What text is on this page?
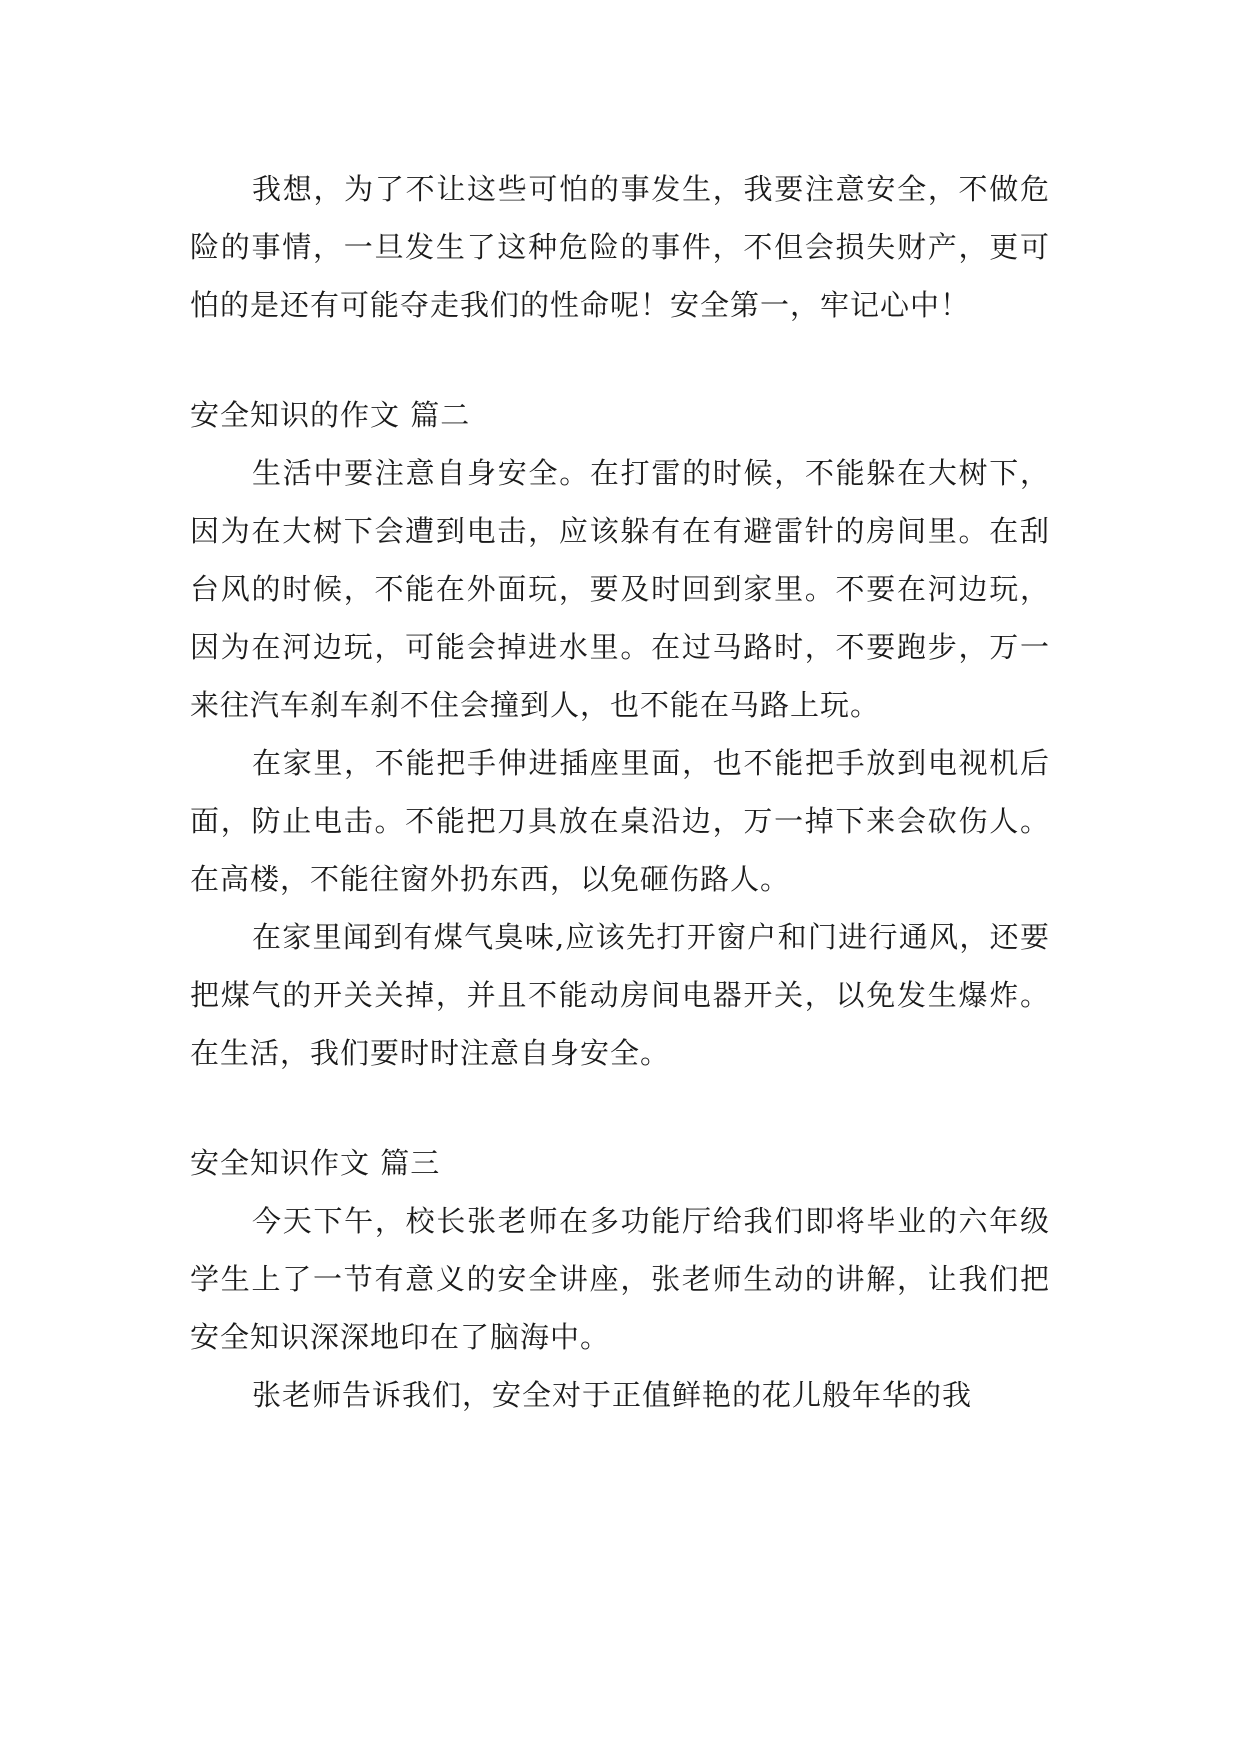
我想，为了不让这些可怕的事发生，我要注意安全，不做危险的事情，一旦发生了这种危险的事件，不但会损失财产，更可怕的是还有可能夺走我们的性命呢！安全第一，牢记心中！

安全知识的作文 篇二

生活中要注意自身安全。在打雷的时候，不能躲在大树下，因为在大树下会遭到电击，应该躲有在有避雷针的房间里。在刮台风的时候，不能在外面玩，要及时回到家里。不要在河边玩，因为在河边玩，可能会掉进水里。在过马路时，不要跑步，万一来往汽车刹车刹不住会撞到人，也不能在马路上玩。

在家里，不能把手伸进插座里面，也不能把手放到电视机后面，防止电击。不能把刀具放在桌沿边，万一掉下来会砍伤人。在高楼，不能往窗外扔东西，以免砸伤路人。

在家里闻到有煤气臭味,应该先打开窗户和门进行通风，还要把煤气的开关关掉，并且不能动房间电器开关，以免发生爆炸。在生活，我们要时时注意自身安全。

安全知识作文 篇三

今天下午，校长张老师在多功能厅给我们即将毕业的六年级学生上了一节有意义的安全讲座，张老师生动的讲解，让我们把安全知识深深地印在了脑海中。

张老师告诉我们，安全对于正值鲜艳的花儿般年华的我
